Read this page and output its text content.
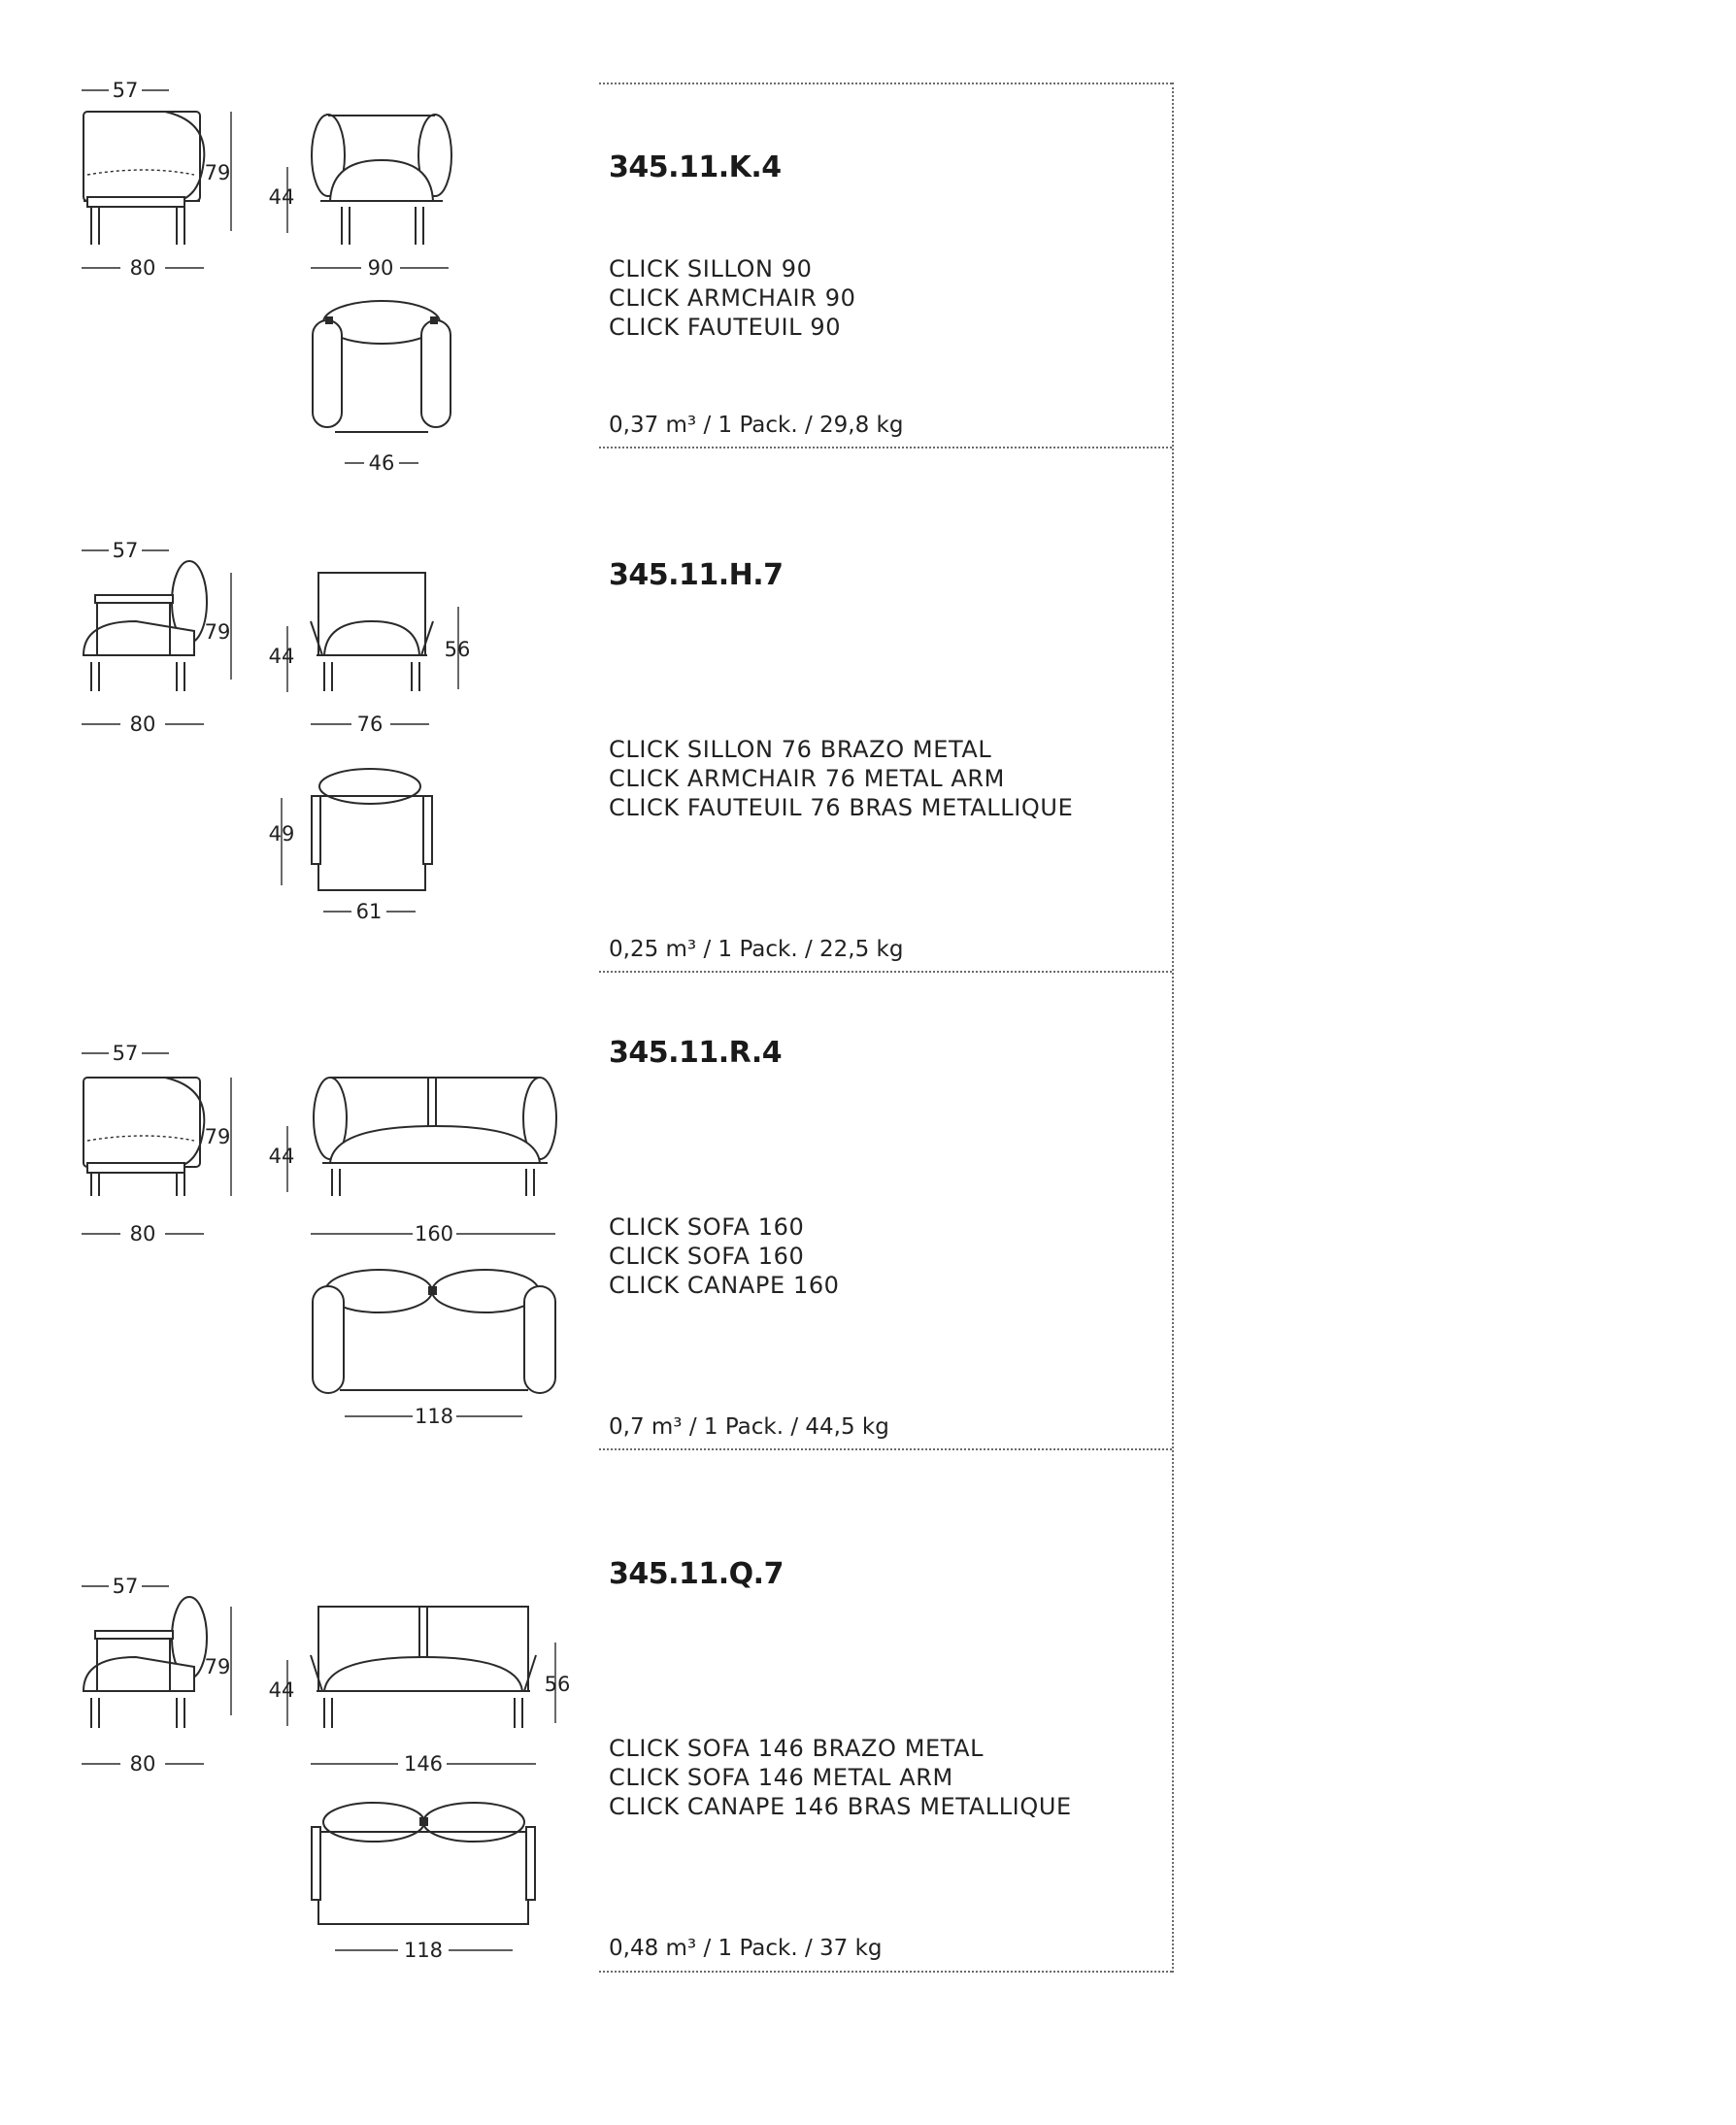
57
79
80
44
90
46
345.11.K.4
CLICK SILLON 90
CLICK ARMCHAIR 90
CLICK FAUTEUIL 90
0,37 m³ / 1 Pack. / 29,8 kg
57
79
80
44	56
76
49
61
345.11.H.7
CLICK SILLON 76 BRAZO METAL
CLICK ARMCHAIR 76 METAL ARM
CLICK FAUTEUIL 76 BRAS METALLIQUE
0,25 m³ / 1 Pack. / 22,5 kg
57
79
80
44
160
118
345.11.R.4
CLICK SOFA 160
CLICK SOFA 160
CLICK CANAPE 160
0,7 m³ / 1 Pack. / 44,5 kg
57
79
80
44	56
146
118
345.11.Q.7
CLICK SOFA 146 BRAZO METAL
CLICK SOFA 146 METAL ARM
CLICK CANAPE 146 BRAS METALLIQUE
0,48 m³ / 1 Pack. / 37 kg
